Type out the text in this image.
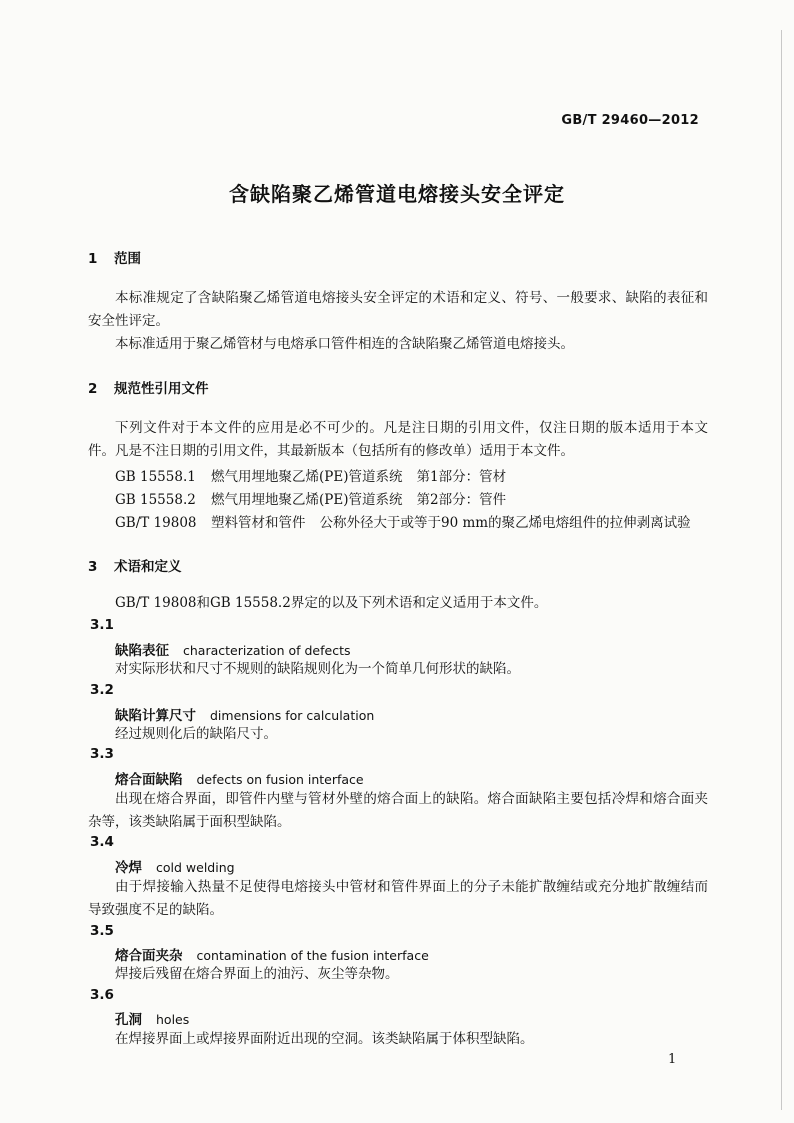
GB/T 29460—2012
含缺陷聚乙烯管道电熔接头安全评定
1 范围
本标准规定了含缺陷聚乙烯管道电熔接头安全评定的术语和定义、符号、一般要求、缺陷的表征和安全性评定。
本标准适用于聚乙烯管材与电熔承口管件相连的含缺陷聚乙烯管道电熔接头。
2 规范性引用文件
下列文件对于本文件的应用是必不可少的。凡是注日期的引用文件，仅注日期的版本适用于本文件。凡是不注日期的引用文件，其最新版本（包括所有的修改单）适用于本文件。
GB 15558.1 燃气用埋地聚乙烯(PE)管道系统 第1部分：管材
GB 15558.2 燃气用埋地聚乙烯(PE)管道系统 第2部分：管件
GB/T 19808 塑料管材和管件 公称外径大于或等于90 mm的聚乙烯电熔组件的拉伸剥离试验
3 术语和定义
GB/T 19808和GB 15558.2界定的以及下列术语和定义适用于本文件。
3.1
缺陷表征 characterization of defects
对实际形状和尺寸不规则的缺陷规则化为一个简单几何形状的缺陷。
3.2
缺陷计算尺寸 dimensions for calculation
经过规则化后的缺陷尺寸。
3.3
熔合面缺陷 defects on fusion interface
出现在熔合界面，即管件内壁与管材外壁的熔合面上的缺陷。熔合面缺陷主要包括冷焊和熔合面夹杂等，该类缺陷属于面积型缺陷。
3.4
冷焊 cold welding
由于焊接输入热量不足使得电熔接头中管材和管件界面上的分子未能扩散缠结或充分地扩散缠结而导致强度不足的缺陷。
3.5
熔合面夹杂 contamination of the fusion interface
焊接后残留在熔合界面上的油污、灰尘等杂物。
3.6
孔洞 holes
在焊接界面上或焊接界面附近出现的空洞。该类缺陷属于体积型缺陷。
1
